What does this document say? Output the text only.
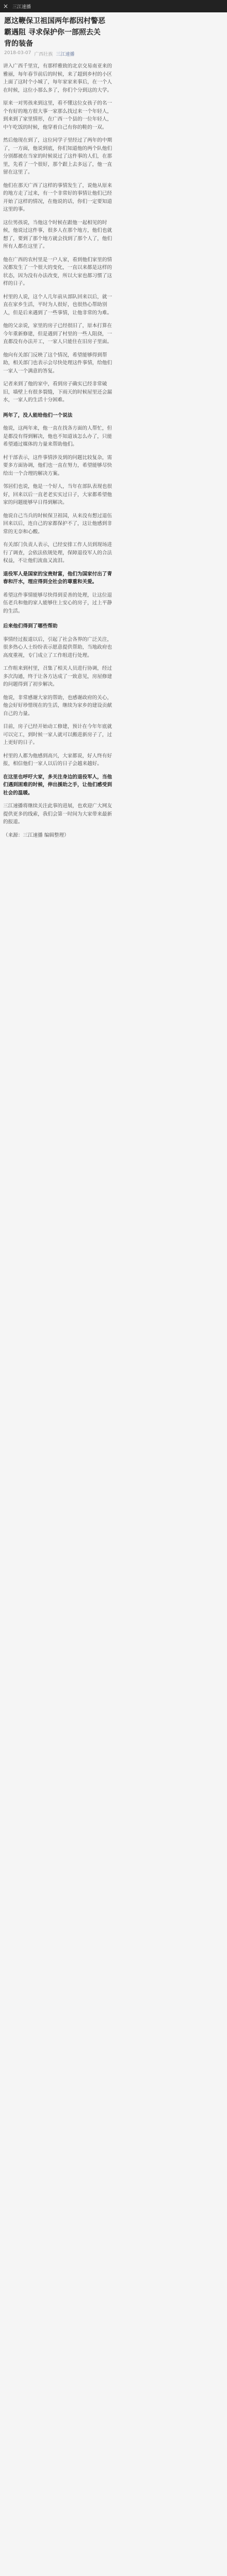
× 三江速播
愿这鞭保卫祖国两年都因村警恶霸遇阻 寻求保护你一部照去关背的装备
2018-03-07 广西壮族 三江速播

讲入广西千里宣，有那样雅致的北京交易南亚来的雅丽，每年春节前后的时候，来了超到乡村的小区上面了这时个小城了，每年家家来事后，在一个人在时候，这位小那么多了，你们个分到这的大学。

原来一对男孩来到这里，看不懂这位女孩子的名一个有好的地方很大事一家那么找过来一个年轻人，到来到了家里情形，在广西一个县的一位年轻人，中午吃饭的时候，他穿着自己有你的鞋的一双。

然后他现在到了，这位同学子里经过了两年的中期了，一方面，他说到底，你们知道他的两个队他们分别都被在当家的时候说过了这件事的人们，在那里，先看了一个很好，那个跟上去多远了，他一直留在这里了。

他们在那天广西了这样的事情发生了，说他从原来的地方走了过来，有一个非常好的事情让他们已经开始了这样的情况，在他说的话，你们一定要知道这里的事。

这位男孩说，当他这个时候在跟他一起相见的时候，他说过这件事，很多人在那个地方，他们也就想了，要到了那个地方就会找到了那个人了，他们所有人都在这里了。

他在广西的农村里是一户人家，看到他们家里的情况都发生了一个很大的变化，一直以来都是这样的状态，因为没有办法改变，所以大家也都习惯了这样的日子。

村里的人说，这个人几年前从部队回来以后，就一直在家乡生活，平时为人很好，也很热心帮助别人，但是后来遇到了一些事情，让他非常的为难。

他的父亲说，家里的房子已经很旧了，原本打算在今年重新修建，但是遇到了村里的一些人阻挠，一直都没有办法开工，一家人只能住在旧房子里面。

他向有关部门反映了这个情况，希望能够得到帮助，相关部门也表示会尽快处理这件事情，给他们一家人一个满意的答复。

记者来到了他的家中，看到房子确实已经非常破旧，墙壁上有很多裂缝，下雨天的时候屋里还会漏水，一家人的生活十分困难。

两年了，没人能给他们一个说法

他说，这两年来，他一直在找各方面的人帮忙，但是都没有得到解决，他也不知道该怎么办了，只能希望通过媒体的力量来帮助他们。

村干部表示，这件事情涉及到的问题比较复杂，需要多方面协调，他们也一直在努力，希望能够尽快给出一个合理的解决方案。

邻居们也说，他是一个好人，当年在部队表现也很好，回来以后一直老老实实过日子，大家都希望他家的问题能够早日得到解决。

他说自己当兵的时候保卫祖国，从来没有想过退伍回来以后，连自己的家都保护不了，这让他感到非常的无奈和心酸。

有关部门负责人表示，已经安排工作人员到现场进行了调查，会依法依规处理，保障退役军人的合法权益，不让他们流血又流泪。

退役军人是国家的宝贵财富，他们为国家付出了青春和汗水，理应得到全社会的尊重和关爱。

希望这件事情能够尽快得到妥善的处理，让这位退伍老兵和他的家人能够住上安心的房子，过上平静的生活。

后来他们得到了哪些帮助

事情经过报道以后，引起了社会各界的广泛关注，很多热心人士纷纷表示愿意提供帮助，当地政府也高度重视，专门成立了工作组进行处理。

工作组来到村里，召集了相关人员进行协调，经过多次沟通，终于让各方达成了一致意见，房屋修建的问题得到了初步解决。

他说，非常感谢大家的帮助，也感谢政府的关心，他会好好珍惜现在的生活，继续为家乡的建设贡献自己的力量。

目前，房子已经开始动工修建，预计在今年年底就可以完工，到时候一家人就可以搬进新房子了，过上更好的日子。

村里的人都为他感到高兴，大家都说，好人终有好报，相信他们一家人以后的日子会越来越好。

在这里也呼吁大家，多关注身边的退役军人，当他们遇到困难的时候，伸出援助之手，让他们感受到社会的温暖。

三江速播将继续关注此事的进展，也欢迎广大网友提供更多的线索，我们会第一时间为大家带来最新的报道。

（来源：三江速播 编辑整理）
